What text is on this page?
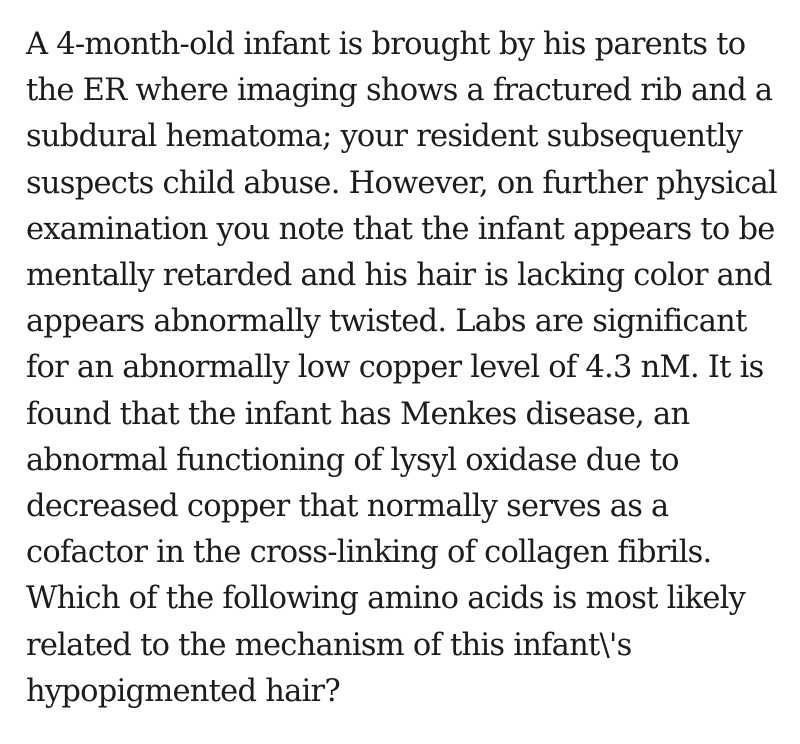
A 4-month-old infant is brought by his parents to
the ER where imaging shows a fractured rib and a
subdural hematoma; your resident subsequently
suspects child abuse. However, on further physical
examination you note that the infant appears to be
mentally retarded and his hair is lacking color and
appears abnormally twisted. Labs are significant
for an abnormally low copper level of 4.3 nM. It is
found that the infant has Menkes disease, an
abnormal functioning of lysyl oxidase due to
decreased copper that normally serves as a
cofactor in the cross-linking of collagen fibrils.
Which of the following amino acids is most likely
related to the mechanism of this infant\'s
hypopigmented hair?
